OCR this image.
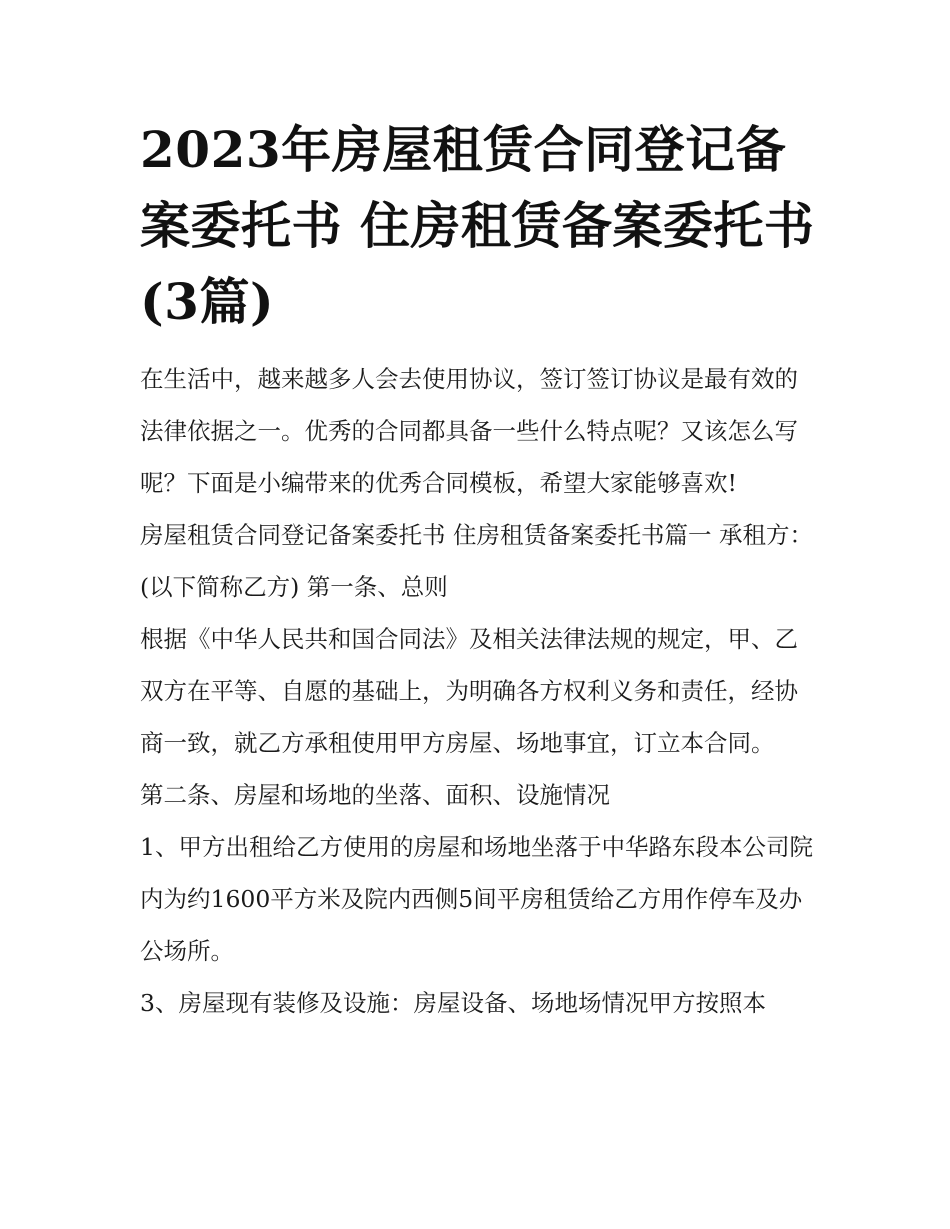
2023年房屋租赁合同登记备案委托书 住房租赁备案委托书(3篇)

在生活中，越来越多人会去使用协议，签订签订协议是最有效的法律依据之一。优秀的合同都具备一些什么特点呢？又该怎么写呢？下面是小编带来的优秀合同模板，希望大家能够喜欢!

房屋租赁合同登记备案委托书 住房租赁备案委托书篇一 承租方： (以下简称乙方) 第一条、总则

根据《中华人民共和国合同法》及相关法律法规的规定，甲、乙双方在平等、自愿的基础上，为明确各方权利义务和责任，经协商一致，就乙方承租使用甲方房屋、场地事宜，订立本合同。

第二条、房屋和场地的坐落、面积、设施情况

1、甲方出租给乙方使用的房屋和场地坐落于中华路东段本公司院内为约1600平方米及院内西侧5间平房租赁给乙方用作停车及办公场所。

3、房屋现有装修及设施：房屋设备、场地场情况甲方按照本
